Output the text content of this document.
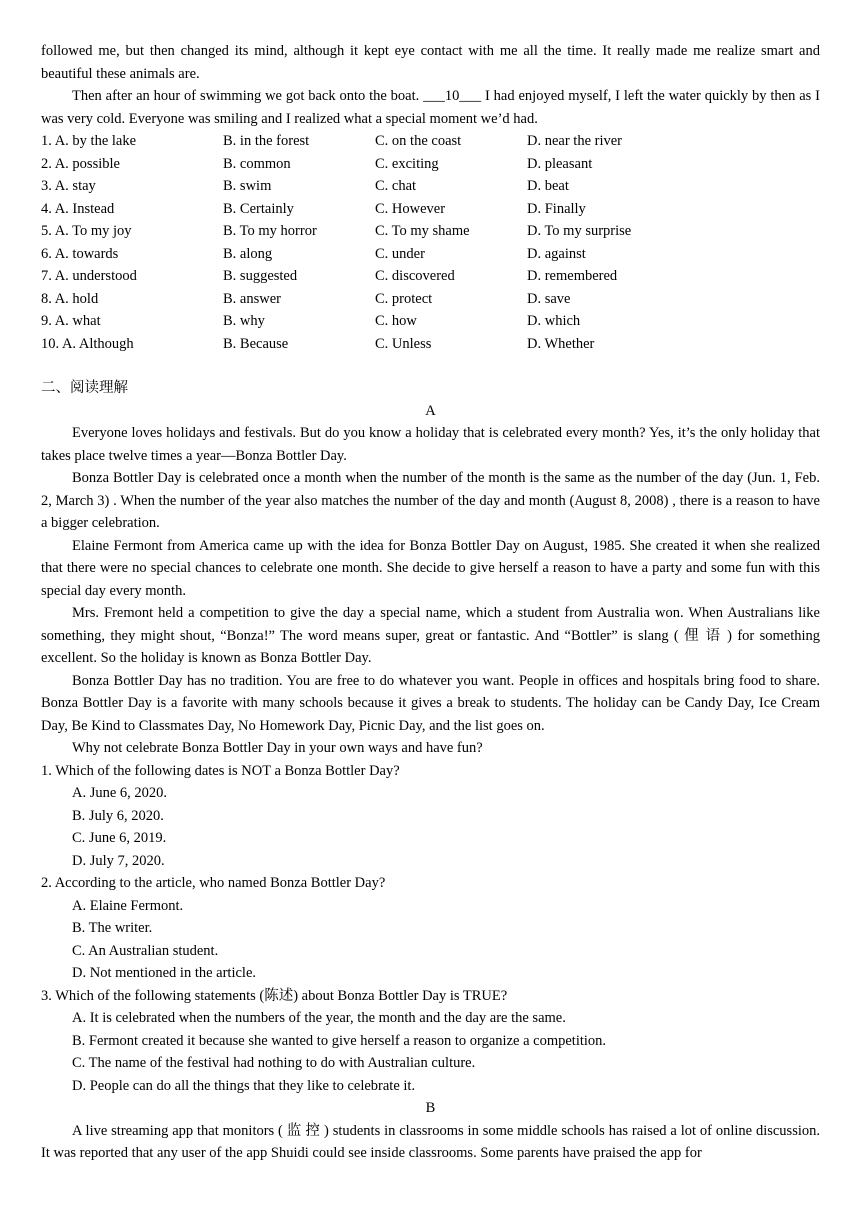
followed me, but then changed its mind, although it kept eye contact with me all the time. It really made me realize smart and beautiful these animals are.

Then after an hour of swimming we got back onto the boat. ___10___ I had enjoyed myself, I left the water quickly by then as I was very cold. Everyone was smiling and I realized what a special moment we’d had.

1. A. by the lake	B. in the forest	C. on the coast	D. near the river
2. A. possible	B. common	C. exciting	D. pleasant
3. A. stay	B. swim	C. chat	D. beat
4. A. Instead	B. Certainly	C. However	D. Finally
5. A. To my joy	B. To my horror	C. To my shame	D. To my surprise
6. A. towards	B. along	C. under	D. against
7. A. understood	B. suggested	C. discovered	D. remembered
8. A. hold	B. answer	C. protect	D. save
9. A. what	B. why	C. how	D. which
10. A. Although	B. Because	C. Unless	D. Whether

二、阅读理解

A

Everyone loves holidays and festivals. But do you know a holiday that is celebrated every month? Yes, it’s the only holiday that takes place twelve times a year—Bonza Bottler Day.

Bonza Bottler Day is celebrated once a month when the number of the month is the same as the number of the day (Jun. 1, Feb. 2, March 3) . When the number of the year also matches the number of the day and month (August 8, 2008) , there is a reason to have a bigger celebration.

Elaine Fermont from America came up with the idea for Bonza Bottler Day on August, 1985. She created it when she realized that there were no special chances to celebrate one month. She decide to give herself a reason to have a party and some fun with this special day every month.

Mrs. Fremont held a competition to give the day a special name, which a student from Australia won. When Australians like something, they might shout, “Bonza!” The word means super, great or fantastic. And “Bottler” is slang ( 俚 语 ) for something excellent. So the holiday is known as Bonza Bottler Day.

Bonza Bottler Day has no tradition. You are free to do whatever you want. People in offices and hospitals bring food to share. Bonza Bottler Day is a favorite with many schools because it gives a break to students. The holiday can be Candy Day, Ice Cream Day, Be Kind to Classmates Day, No Homework Day, Picnic Day, and the list goes on.

Why not celebrate Bonza Bottler Day in your own ways and have fun?

1. Which of the following dates is NOT a Bonza Bottler Day?

A. June 6, 2020.

B. July 6, 2020.

C. June 6, 2019.

D. July 7, 2020.

2. According to the article, who named Bonza Bottler Day?

A. Elaine Fermont.

B. The writer.

C. An Australian student.

D. Not mentioned in the article.

3. Which of the following statements (陈述) about Bonza Bottler Day is TRUE?

A. It is celebrated when the numbers of the year, the month and the day are the same.

B. Fermont created it because she wanted to give herself a reason to organize a competition.

C. The name of the festival had nothing to do with Australian culture.

D. People can do all the things that they like to celebrate it.

B

A live streaming app that monitors ( 监 控 ) students in classrooms in some middle schools has raised a lot of online discussion. It was reported that any user of the app Shuidi could see inside classrooms. Some parents have praised the app for
